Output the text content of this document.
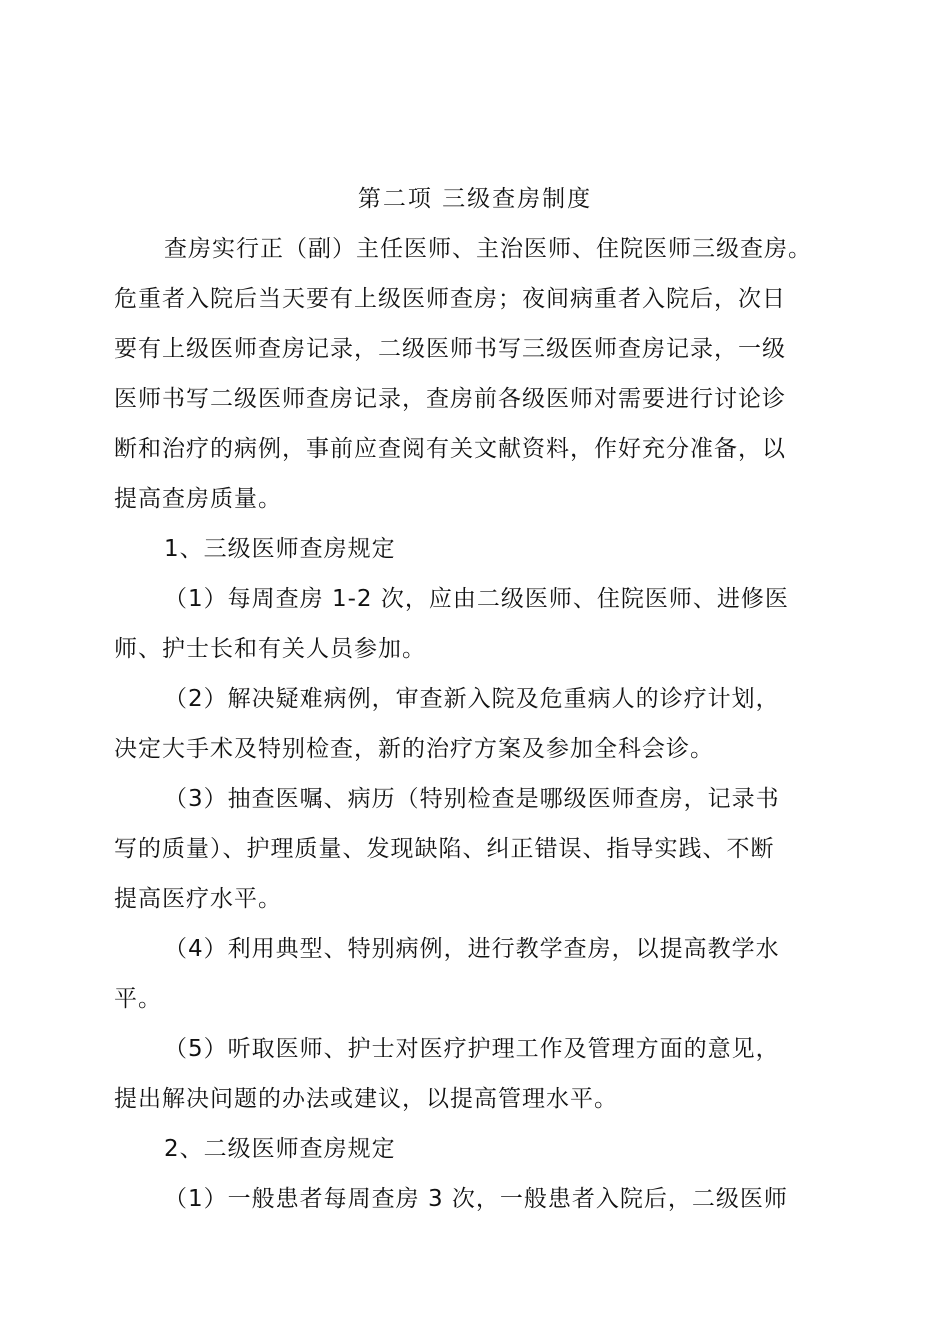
第二项 三级查房制度
查房实行正（副）主任医师、主治医师、住院医师三级查房。
危重者入院后当天要有上级医师查房；夜间病重者入院后，次日
要有上级医师查房记录，二级医师书写三级医师查房记录，一级
医师书写二级医师查房记录，查房前各级医师对需要进行讨论诊
断和治疗的病例，事前应查阅有关文献资料，作好充分准备，以
提高查房质量。
1、三级医师查房规定
（1）每周查房 1-2 次，应由二级医师、住院医师、进修医
师、护士长和有关人员参加。
（2）解决疑难病例，审查新入院及危重病人的诊疗计划，
决定大手术及特别检查，新的治疗方案及参加全科会诊。
（3）抽查医嘱、病历（特别检查是哪级医师查房，记录书
写的质量）、护理质量、发现缺陷、纠正错误、指导实践、不断
提高医疗水平。
（4）利用典型、特别病例，进行教学查房，以提高教学水
平。
（5）听取医师、护士对医疗护理工作及管理方面的意见，
提出解决问题的办法或建议，以提高管理水平。
2、二级医师查房规定
（1）一般患者每周查房 3 次，一般患者入院后，二级医师
